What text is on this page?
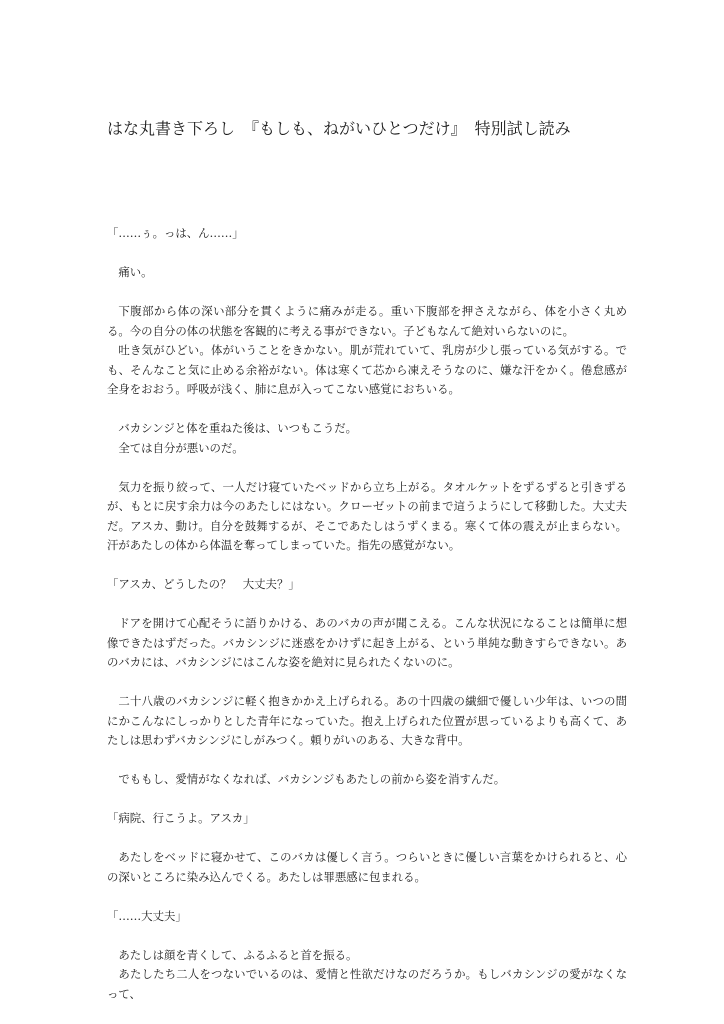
はな丸書き下ろし　『もしも、ねがいひとつだけ』　特別試し読み

「……ぅ。っは、ん……」

痛い。

下腹部から体の深い部分を貫くように痛みが走る。重い下腹部を押さえながら、体を小さく丸める。今の自分の体の状態を客観的に考える事ができない。子どもなんて絶対いらないのに。

吐き気がひどい。体がいうことをきかない。肌が荒れていて、乳房が少し張っている気がする。でも、そんなこと気に止める余裕がない。体は寒くて芯から凍えそうなのに、嫌な汗をかく。倦怠感が全身をおおう。呼吸が浅く、肺に息が入ってこない感覚におちいる。

バカシンジと体を重ねた後は、いつもこうだ。

全ては自分が悪いのだ。

気力を振り絞って、一人だけ寝ていたベッドから立ち上がる。タオルケットをずるずると引きずるが、もとに戻す余力は今のあたしにはない。クローゼットの前まで這うようにして移動した。大丈夫だ。アスカ、動け。自分を鼓舞するが、そこであたしはうずくまる。寒くて体の震えが止まらない。汗があたしの体から体温を奪ってしまっていた。指先の感覚がない。

「アスカ、どうしたの？　大丈夫？」

ドアを開けて心配そうに語りかける、あのバカの声が聞こえる。こんな状況になることは簡単に想像できたはずだった。バカシンジに迷惑をかけずに起き上がる、という単純な動きすらできない。あのバカには、バカシンジにはこんな姿を絶対に見られたくないのに。

二十八歳のバカシンジに軽く抱きかかえ上げられる。あの十四歳の繊細で優しい少年は、いつの間にかこんなにしっかりとした青年になっていた。抱え上げられた位置が思っているよりも高くて、あたしは思わずバカシンジにしがみつく。頼りがいのある、大きな背中。

でももし、愛情がなくなれば、バカシンジもあたしの前から姿を消すんだ。

「病院、行こうよ。アスカ」

あたしをベッドに寝かせて、このバカは優しく言う。つらいときに優しい言葉をかけられると、心の深いところに染み込んでくる。あたしは罪悪感に包まれる。

「……大丈夫」

あたしは顔を青くして、ふるふると首を振る。

あたしたち二人をつないでいるのは、愛情と性欲だけなのだろうか。もしバカシンジの愛がなくなって、
